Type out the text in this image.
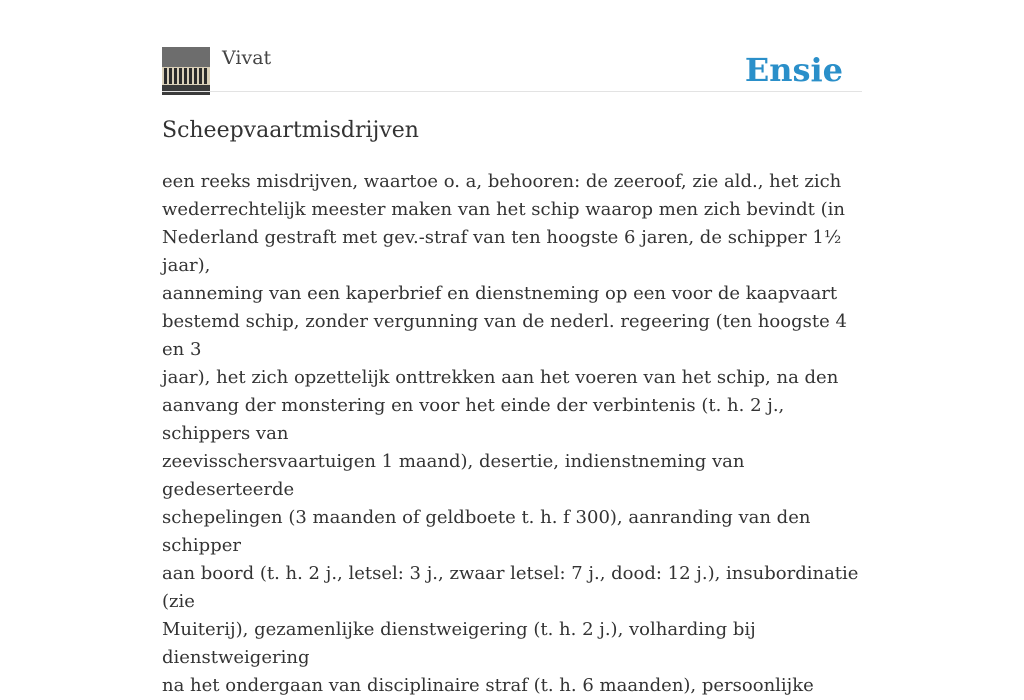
Vivat	Ensie
Scheepvaartmisdrijven

een reeks misdrijven, waartoe o. a, behooren: de zeeroof, zie ald., het zich
wederrechtelijk meester maken van het schip waarop men zich bevindt (in
Nederland gestraft met gev.-straf van ten hoogste 6 jaren, de schipper 1½ jaar),
aanneming van een kaperbrief en dienstneming op een voor de kaapvaart
bestemd schip, zonder vergunning van de nederl. regeering (ten hoogste 4 en 3
jaar), het zich opzettelijk onttrekken aan het voeren van het schip, na den
aanvang der monstering en voor het einde der verbintenis (t. h. 2 j., schippers van
zeevisschersvaartuigen 1 maand), desertie, indienstneming van gedeserteerde
schepelingen (3 maanden of geldboete t. h. f 300), aanranding van den schipper
aan boord (t. h. 2 j., letsel: 3 j., zwaar letsel: 7 j., dood: 12 j.), insubordinatie (zie
Muiterij), gezamenlijke dienstweigering (t. h. 2 j.), volharding bij dienstweigering
na het ondergaan van disciplinaire straf (t. h. 6 maanden), persoonlijke
